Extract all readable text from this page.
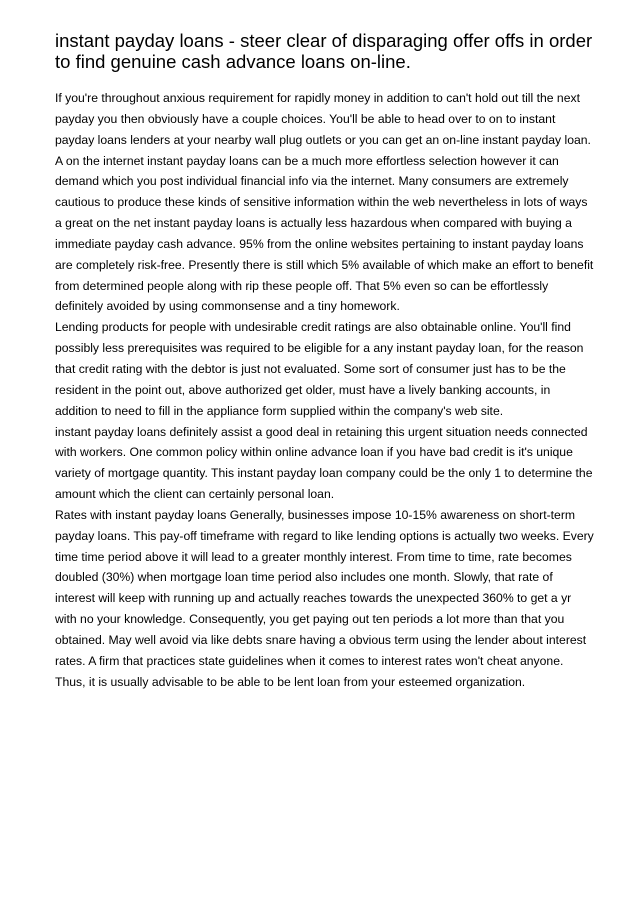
instant payday loans - steer clear of disparaging offer offs in order to find genuine cash advance loans on-line.

If you're throughout anxious requirement for rapidly money in addition to can't hold out till the next payday you then obviously have a couple choices. You'll be able to head over to on to instant payday loans lenders at your nearby wall plug outlets or you can get an on-line instant payday loan. A on the internet instant payday loans can be a much more effortless selection however it can demand which you post individual financial info via the internet. Many consumers are extremely cautious to produce these kinds of sensitive information within the web nevertheless in lots of ways a great on the net instant payday loans is actually less hazardous when compared with buying a immediate payday cash advance. 95% from the online websites pertaining to instant payday loans are completely risk-free. Presently there is still which 5% available of which make an effort to benefit from determined people along with rip these people off. That 5% even so can be effortlessly definitely avoided by using commonsense and a tiny homework.

Lending products for people with undesirable credit ratings are also obtainable online. You'll find possibly less prerequisites was required to be eligible for a any instant payday loan, for the reason that credit rating with the debtor is just not evaluated. Some sort of consumer just has to be the resident in the point out, above authorized get older, must have a lively banking accounts, in addition to need to fill in the appliance form supplied within the company's web site.

instant payday loans definitely assist a good deal in retaining this urgent situation needs connected with workers. One common policy within online advance loan if you have bad credit is it's unique variety of mortgage quantity. This instant payday loan company could be the only 1 to determine the amount which the client can certainly personal loan.

Rates with instant payday loans Generally, businesses impose 10-15% awareness on short-term payday loans. This pay-off timeframe with regard to like lending options is actually two weeks. Every time time period above it will lead to a greater monthly interest. From time to time, rate becomes doubled (30%) when mortgage loan time period also includes one month. Slowly, that rate of interest will keep with running up and actually reaches towards the unexpected 360% to get a yr with no your knowledge. Consequently, you get paying out ten periods a lot more than that you obtained. May well avoid via like debts snare having a obvious term using the lender about interest rates. A firm that practices state guidelines when it comes to interest rates won't cheat anyone. Thus, it is usually advisable to be able to be lent loan from your esteemed organization.
